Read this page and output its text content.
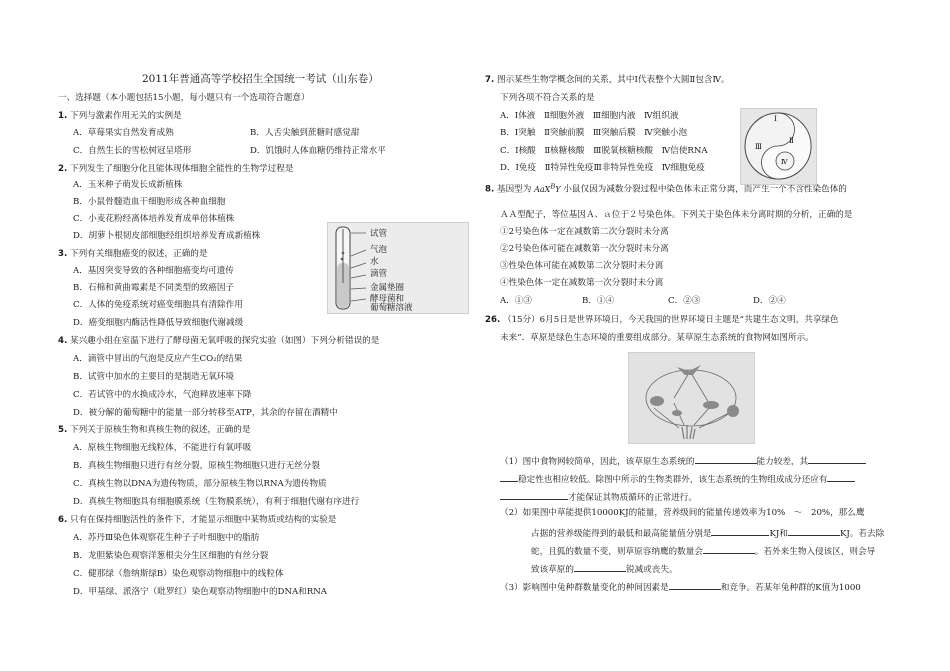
2011年普通高等学校招生全国统一考试（山东卷）
一、选择题（本小题包括15小题，每小题只有一个选项符合题意）
1. 下列与激素作用无关的实例是
A．草莓果实自然发育成熟	B．人舌尖触到蔗糖时感觉甜
C．自然生长的雪松树冠呈塔形	D．饥饿时人体血糖仍维持正常水平
2. 下列发生了细胞分化且能体现体细胞全能性的生物学过程是
A．玉米种子萌发长成新植株
B．小鼠骨髓造血干细胞形成各种血细胞
C．小麦花粉经离体培养发育成单倍体植株
D．胡萝卜根韧皮部细胞经组织培养发育成新植株
3. 下列有关细胞癌变的叙述，正确的是
A．基因突变导致的各种细胞癌变均可遗传
B．石棉和黄曲霉素是不同类型的致癌因子
C．人体的免疫系统对癌变细胞具有清除作用
D．癌变细胞内酶活性降低导致细胞代谢减缓
4. 某兴趣小组在室温下进行了酵母菌无氧呼吸的探究实验（如图）下列分析错误的是
A．滴管中冒出的气泡是反应产生CO₂的结果
B．试管中加水的主要目的是制造无氧环境
C．若试管中的水换成冷水，气泡释放速率下降
D．被分解的葡萄糖中的能量一部分转移至ATP，其余的存留在酒精中
5. 下列关于原核生物和真核生物的叙述，正确的是
A．原核生物细胞无线粒体，不能进行有氧呼吸
B．真核生物细胞只进行有丝分裂，原核生物细胞只进行无丝分裂
C．真核生物以DNA为遗传物质，部分原核生物以RNA为遗传物质
D．真核生物细胞具有细胞膜系统（生物膜系统），有利于细胞代谢有序进行
6. 只有在保持细胞活性的条件下，才能显示细胞中某物质或结构的实验是
A．苏丹Ⅲ染色体观察花生种子子叶细胞中的脂肪
B．龙胆紫染色观察洋葱根尖分生区细胞的有丝分裂
C．健那绿（詹纳斯绿B）染色观察动物细胞中的线粒体
D．甲基绿、派洛宁（吡罗红）染色观察动物细胞中的DNA和RNA
试管
气泡
水
滴管
金属垫圈
酵母菌和
葡萄糖溶液
7. 图示某些生物学概念间的关系，其中Ⅰ代表整个大圆Ⅱ包含Ⅳ。
下列各项不符合关系的是
A．Ⅰ体液　Ⅱ细胞外液　Ⅲ细胞内液　Ⅳ组织液
B．Ⅰ突触　Ⅱ突触前膜　Ⅲ突触后膜　Ⅳ突触小泡
C．Ⅰ核酸　Ⅱ核糖核酸　Ⅲ脱氧核糖核酸　Ⅳ信使RNA
D．Ⅰ免疫　Ⅱ特异性免疫Ⅲ非特异性免疫　Ⅳ细胞免疫
8. 基因型为 AaX$^B$Y 小鼠仅因为减数分裂过程中染色体未正常分离，而产生一个不含性染色体的
ＡＡ型配子，等位基因Ａ、ａ位于２号染色体。下列关于染色体未分离时期的分析，正确的是
①2号染色体一定在减数第二次分裂时未分离
②2号染色体可能在减数第一次分裂时未分离
③性染色体可能在减数第二次分裂时未分离
④性染色体一定在减数第一次分裂时未分离
A．①③	B．①④	C．②③	D．②④
26. （15分）6月5日是世界环境日，今天我国的世界环境日主题是“共建生态文明，共享绿色
未来”．草原是绿色生态环境的重要组成部分。某草原生态系统的食物网如图所示。
（1）图中食物网较简单，因此，该草原生态系统的	能力较差，其
稳定性也相应较低。除图中所示的生物类群外，该生态系统的生物组成成分还应有
才能保证其物质循环的正常进行。
（2）如果图中草能提供10000KJ的能量，营养级间的能量传递效率为10%　～　20%，那么鹰
占据的营养级能得到的最低和最高能量值分别是	KJ和	KJ。若去除
蛇，且狐的数量不变，则草原容纳鹰的数量会	。若外来生物入侵该区，则会导
致该草原的	锐减或丧失。
（3）影响图中兔种群数量变化的种间因素是	和竞争。若某年兔种群的K值为1000
Ⅲ
Ⅰ
Ⅱ
Ⅳ
